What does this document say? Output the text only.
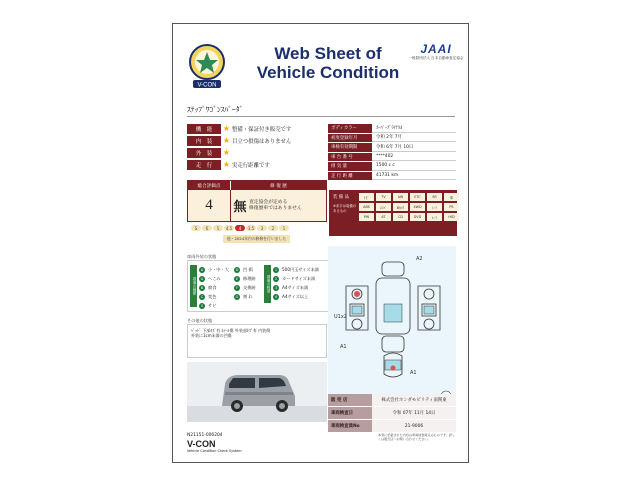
V-CON
Web Sheet of
Vehicle Condition
JAAI
一般財団法人 日本自動車査定協会
ｽﾃｯﾌﾟﾜｺﾞﾝｽﾊﾟｰﾀﾞ
機　能	★ 整備・保証付き販売です
内　装	★ 目立つ損傷はありません
外　装	★
走　行	★ 実走行距離です
ボディカラー	ｽｰﾊﾟｰﾌﾟﾗﾁﾅＭ
初度登録年月	令和 2年 7月
車検有効期限	令和 6年 7月 10日
車 台 番 号	****402
排 気 量	1500 c c
走 行 距 離	41731 km
総合評価点	修 復 歴
4	無 査定協会が定める
修復歴車ではありません
S	6	5	4.5	4	3.5	3	2	1
他・2024年内の修修を行いました
装 備 品
※赤字は装備のあるもの
ﾅﾋﾞ	TV	AW	ETC	SR	革
ABS	ｴｱﾊﾞ	Bｶﾒﾗ	4WD	ｼｰﾄ	PS
PW	AT	CD	DVD	ﾙｰﾌ	HID
車両外装の状態
損傷の種類
A	小・中・大
U	へこみ
B	腐食
C	変色
S	サビ
D	凹 損
E	修理跡
F	交換跡
G	割 れ
損傷の程度
1	500円玉サイズ未満
2	カードサイズ未満
3	A4サイズ未満
4	A4サイズ以上
その他の状態
ﾍﾞｯﾄﾞ 下部ｷｽﾞ有 ﾎｲｰﾙ傷 外装部ｷｽﾞ有 内装傷
外装に1cm未満の凹傷
A2
U1x2
A1
A1
販 売 店	株式会社ホンダモビリティ南関東
車両検査日	令和 07年 11月 14日
車両検査員No	21-9006
N21151-006204
V-CON
Vehicle Condition Check System
本書に記載された内容は車両検査時点のものです。詳しくは販売店へお問い合わせください。
